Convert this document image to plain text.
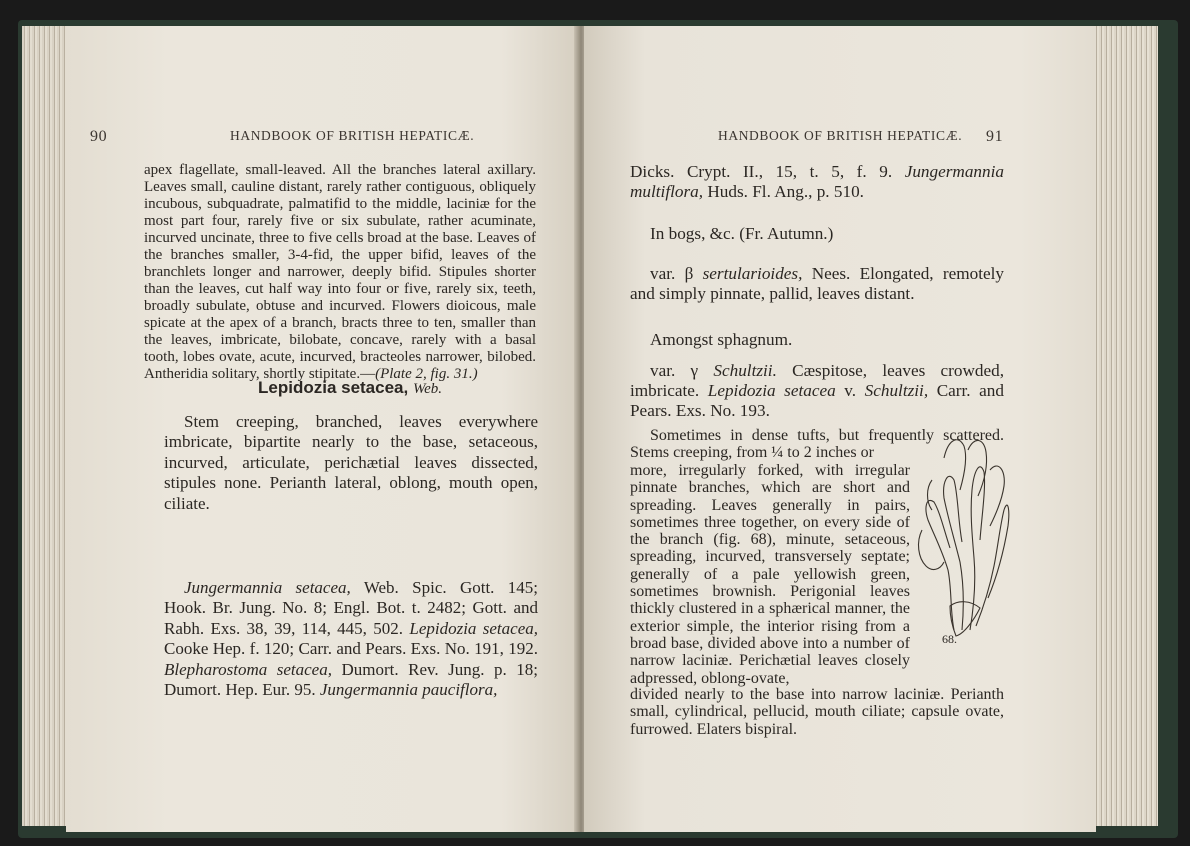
90	HANDBOOK OF BRITISH HEPATICÆ.

apex flagellate, small-leaved. All the branches lateral axillary. Leaves small, cauline distant, rarely rather contiguous, obliquely incubous, subquadrate, palmatifid to the middle, laciniæ for the most part four, rarely five or six subulate, rather acuminate, incurved uncinate, three to five cells broad at the base. Leaves of the branches smaller, 3-4-fid, the upper bifid, leaves of the branchlets longer and narrower, deeply bifid. Stipules shorter than the leaves, cut half way into four or five, rarely six, teeth, broadly subulate, obtuse and incurved. Flowers dioicous, male spicate at the apex of a branch, bracts three to ten, smaller than the leaves, imbricate, bilobate, concave, rarely with a basal tooth, lobes ovate, acute, incurved, bracteoles narrower, bilobed. Antheridia solitary, shortly stipitate.—(Plate 2, fig. 31.)

Lepidozia setacea, Web.

Stem creeping, branched, leaves everywhere imbricate, bipartite nearly to the base, setaceous, incurved, articulate, perichætial leaves dissected, stipules none. Perianth lateral, oblong, mouth open, ciliate.

Jungermannia setacea, Web. Spic. Gott. 145; Hook. Br. Jung. No. 8; Engl. Bot. t. 2482; Gott. and Rabh. Exs. 38, 39, 114, 445, 502. Lepidozia setacea, Cooke Hep. f. 120; Carr. and Pears. Exs. No. 191, 192. Blepharostoma setacea, Dumort. Rev. Jung. p. 18; Dumort. Hep. Eur. 95. Jungermannia pauciflora,

HANDBOOK OF BRITISH HEPATICÆ. 91

Dicks. Crypt. II., 15, t. 5, f. 9. Jungermannia multiflora, Huds. Fl. Ang., p. 510.

In bogs, &c. (Fr. Autumn.)

var. β sertularioides, Nees. Elongated, remotely and simply pinnate, pallid, leaves distant.

Amongst sphagnum.

var. γ Schultzii. Cæspitose, leaves crowded, imbricate. Lepidozia setacea v. Schultzii, Carr. and Pears. Exs. No. 193.

Sometimes in dense tufts, but frequently scattered. Stems creeping, from ¼ to 2 inches or

more, irregularly forked, with irregular pinnate branches, which are short and spreading. Leaves generally in pairs, sometimes three together, on every side of the branch (fig. 68), minute, setaceous, spreading, incurved, transversely septate; generally of a pale yellowish green, sometimes brownish. Perigonial leaves thickly clustered in a sphærical manner, the exterior simple, the interior rising from a broad base, divided above into a number of narrow laciniæ. Perichætial leaves closely adpressed, oblong-ovate,

divided nearly to the base into narrow laciniæ. Perianth small, cylindrical, pellucid, mouth ciliate; capsule ovate, furrowed. Elaters bispiral.

68.
